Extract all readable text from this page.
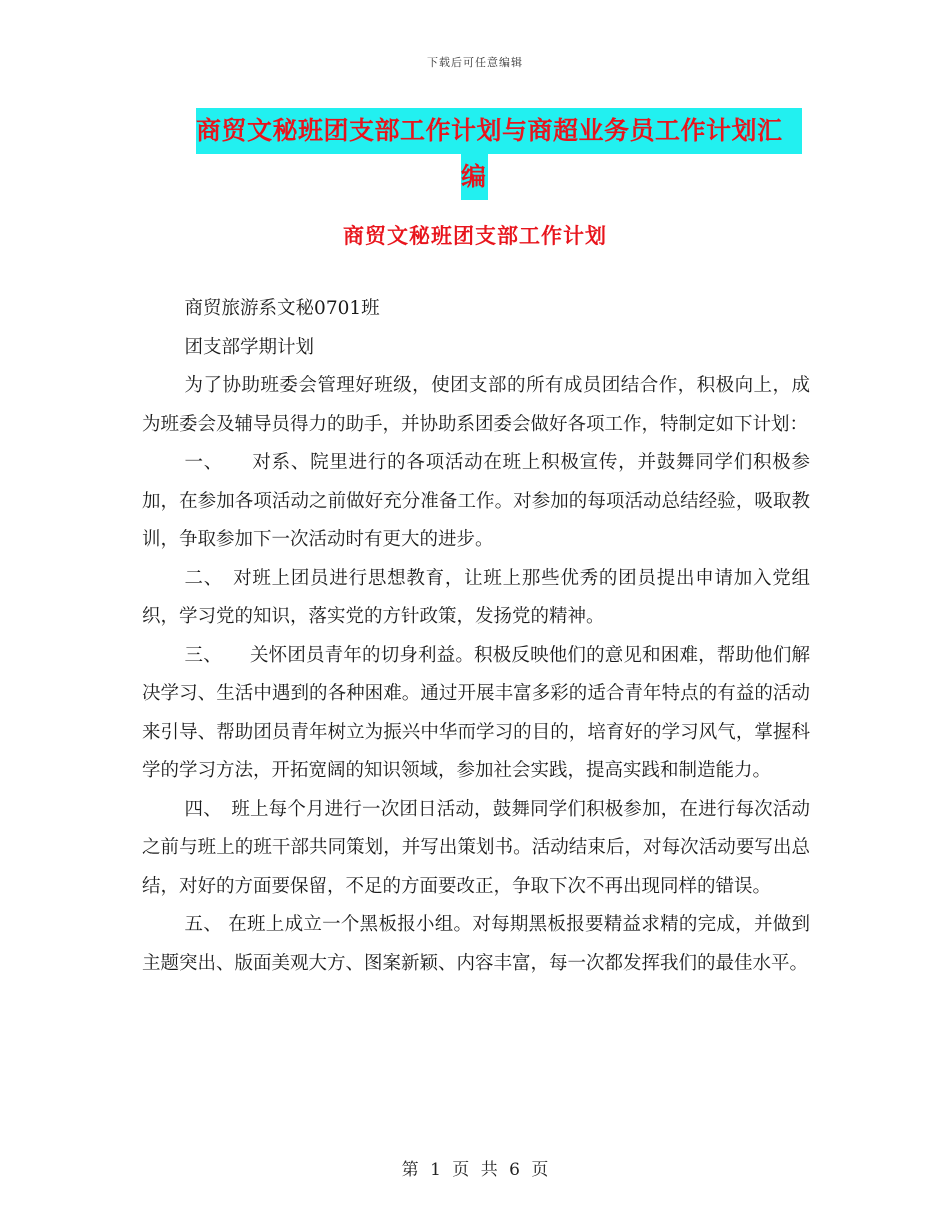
下载后可任意编辑
商贸文秘班团支部工作计划与商超业务员工作计划汇
编
商贸文秘班团支部工作计划

商贸旅游系文秘0701班

团支部学期计划

为了协助班委会管理好班级，使团支部的所有成员团结合作，积极向上，成为班委会及辅导员得力的助手，并协助系团委会做好各项工作，特制定如下计划：

一、　　对系、院里进行的各项活动在班上积极宣传，并鼓舞同学们积极参加，在参加各项活动之前做好充分准备工作。对参加的每项活动总结经验，吸取教训，争取参加下一次活动时有更大的进步。

二、　对班上团员进行思想教育，让班上那些优秀的团员提出申请加入党组织，学习党的知识，落实党的方针政策，发扬党的精神。

三、　　关怀团员青年的切身利益。积极反映他们的意见和困难，帮助他们解决学习、生活中遇到的各种困难。通过开展丰富多彩的适合青年特点的有益的活动来引导、帮助团员青年树立为振兴中华而学习的目的，培育好的学习风气，掌握科学的学习方法，开拓宽阔的知识领域，参加社会实践，提高实践和制造能力。

四、　班上每个月进行一次团日活动，鼓舞同学们积极参加，在进行每次活动之前与班上的班干部共同策划，并写出策划书。活动结束后，对每次活动要写出总结，对好的方面要保留，不足的方面要改正，争取下次不再出现同样的错误。

五、 在班上成立一个黑板报小组。对每期黑板报要精益求精的完成，并做到主题突出、版面美观大方、图案新颖、内容丰富，每一次都发挥我们的最佳水平。

第 1 页 共 6 页
